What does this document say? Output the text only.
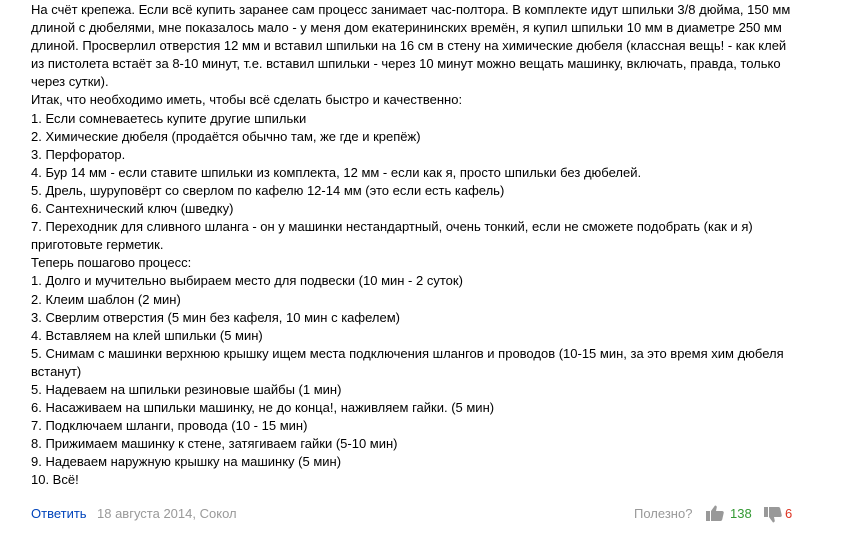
На счёт крепежа. Если всё купить заранее сам процесс занимает час-полтора. В комплекте идут шпильки 3/8 дюйма, 150 мм
длиной с дюбелями, мне показалось мало - у меня дом екатерининских времён, я купил шпильки 10 мм в диаметре 250 мм
длиной. Просверлил отверстия 12 мм и вставил шпильки на 16 см в стену на химические дюбеля (классная вещь! - как клей
из пистолета встаёт за 8-10 минут, т.е. вставил шпильки - через 10 минут можно вещать машинку, включать, правда, только
через сутки).
Итак, что необходимо иметь, чтобы всё сделать быстро и качественно:
1. Если сомневаетесь купите другие шпильки
2. Химические дюбеля (продаётся обычно там, же где и крепёж)
3. Перфоратор.
4. Бур 14 мм - если ставите шпильки из комплекта, 12 мм - если как я, просто шпильки без дюбелей.
5. Дрель, шуруповёрт со сверлом по кафелю 12-14 мм (это если есть кафель)
6. Сантехнический ключ (шведку)
7. Переходник для сливного шланга - он у машинки нестандартный, очень тонкий, если не сможете подобрать (как и я)
приготовьте герметик.
Теперь пошагово процесс:
1. Долго и мучительно выбираем место для подвески (10 мин - 2 суток)
2. Клеим шаблон (2 мин)
3. Сверлим отверстия (5 мин без кафеля, 10 мин с кафелем)
4. Вставляем на клей шпильки (5 мин)
5. Снимам с машинки верхнюю крышку ищем места подключения шлангов и проводов (10-15 мин, за это время хим дюбеля
встанут)
5. Надеваем на шпильки резиновые шайбы (1 мин)
6. Насаживаем на шпильки машинку, не до конца!, наживляем гайки. (5 мин)
7. Подключаем шланги, провода (10 - 15 мин)
8. Прижимаем машинку к стене, затягиваем гайки (5-10 мин)
9. Надеваем наружную крышку на машинку (5 мин)
10. Всё!
Ответить 18 августа 2014, Сокол	Полезно?	138	6
